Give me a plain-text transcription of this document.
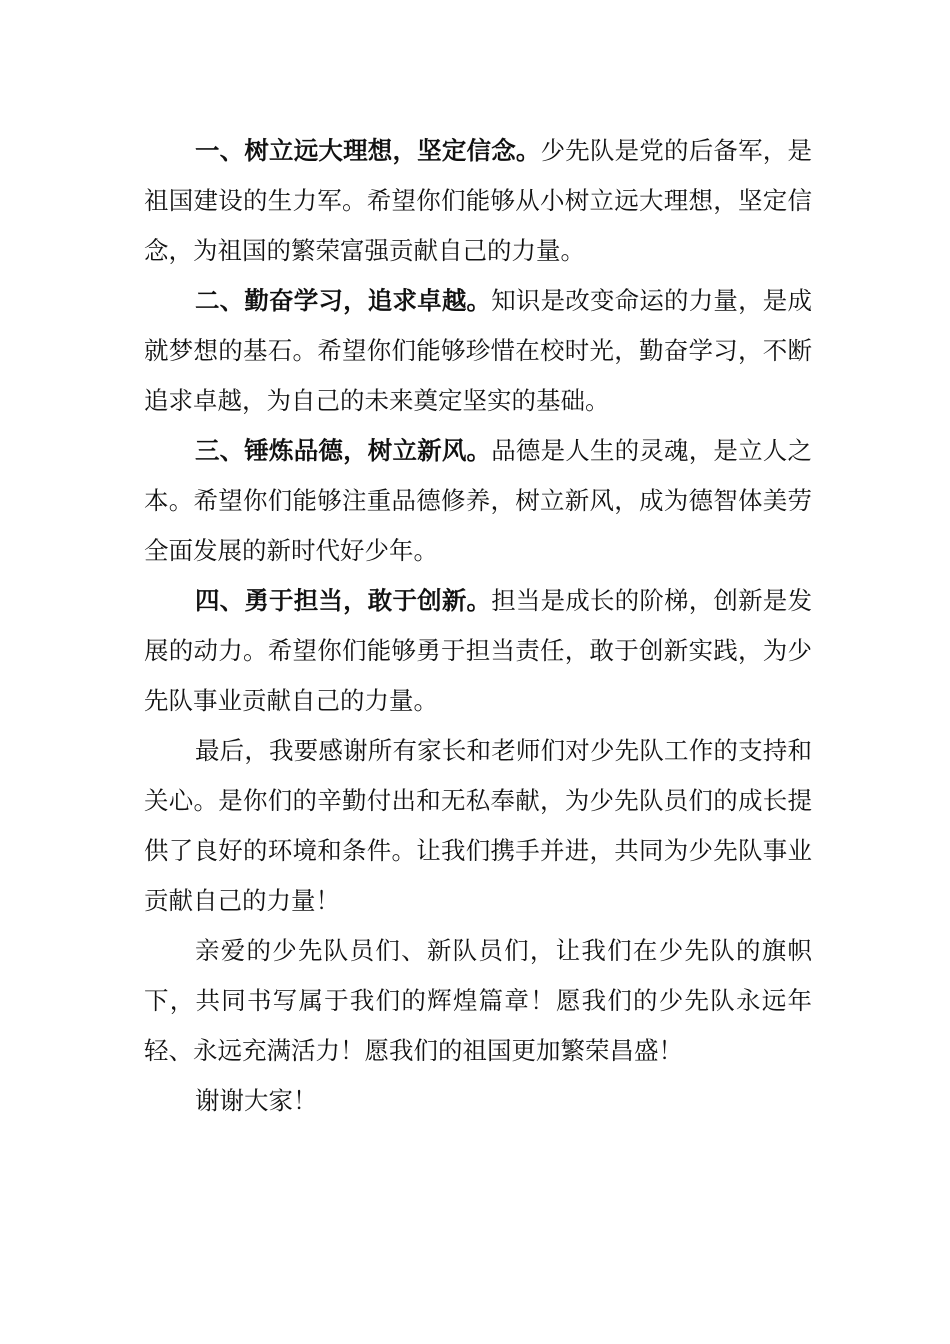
一、树立远大理想，坚定信念。少先队是党的后备军，是祖国建设的生力军。希望你们能够从小树立远大理想，坚定信念，为祖国的繁荣富强贡献自己的力量。

二、勤奋学习，追求卓越。知识是改变命运的力量，是成就梦想的基石。希望你们能够珍惜在校时光，勤奋学习，不断追求卓越，为自己的未来奠定坚实的基础。

三、锤炼品德，树立新风。品德是人生的灵魂，是立人之本。希望你们能够注重品德修养，树立新风，成为德智体美劳全面发展的新时代好少年。

四、勇于担当，敢于创新。担当是成长的阶梯，创新是发展的动力。希望你们能够勇于担当责任，敢于创新实践，为少先队事业贡献自己的力量。

最后，我要感谢所有家长和老师们对少先队工作的支持和关心。是你们的辛勤付出和无私奉献，为少先队员们的成长提供了良好的环境和条件。让我们携手并进，共同为少先队事业贡献自己的力量！

亲爱的少先队员们、新队员们，让我们在少先队的旗帜下，共同书写属于我们的辉煌篇章！愿我们的少先队永远年轻、永远充满活力！愿我们的祖国更加繁荣昌盛！

谢谢大家！
